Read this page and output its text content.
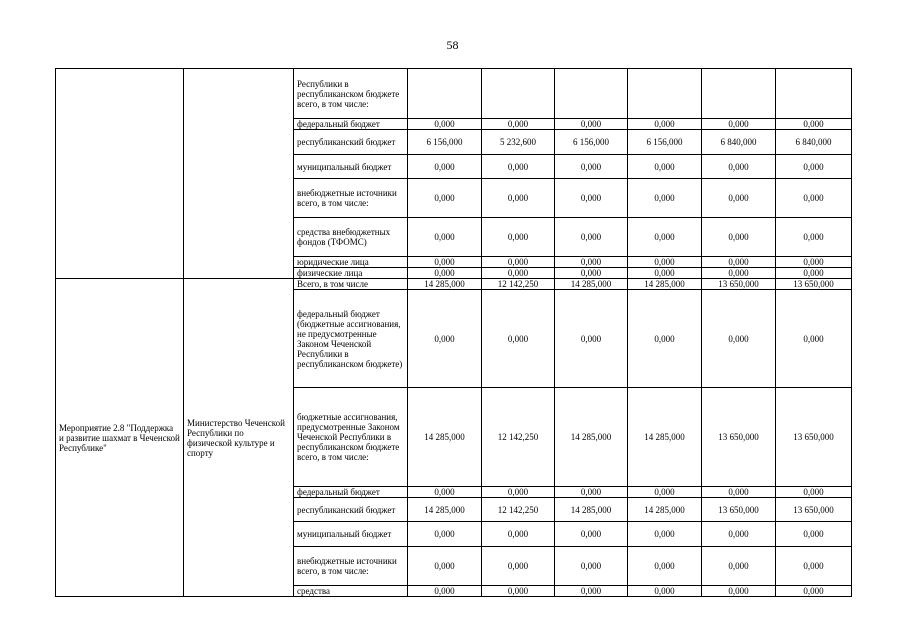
58
		Республики в республиканском бюджете всего, в том числе:						
		федеральный бюджет	0,000	0,000	0,000	0,000	0,000	0,000
		республиканский бюджет	6 156,000	5 232,600	6 156,000	6 156,000	6 840,000	6 840,000
		муниципальный бюджет	0,000	0,000	0,000	0,000	0,000	0,000
		внебюджетные источники всего, в том числе:	0,000	0,000	0,000	0,000	0,000	0,000
		средства внебюджетных фондов (ТФОМС)	0,000	0,000	0,000	0,000	0,000	0,000
		юридические лица	0,000	0,000	0,000	0,000	0,000	0,000
		физические лица	0,000	0,000	0,000	0,000	0,000	0,000
Мероприятие 2.8 "Поддержка и развитие шахмат в Чеченской Республике"	Министерство Чеченской Республики по физической культуре и спорту	Всего, в том числе	14 285,000	12 142,250	14 285,000	14 285,000	13 650,000	13 650,000
		федеральный бюджет (бюджетные ассигнования, не предусмотренные Законом Чеченской Республики в республиканском бюджете)	0,000	0,000	0,000	0,000	0,000	0,000
		бюджетные ассигнования, предусмотренные Законом Чеченской Республики в республиканском бюджете всего, в том числе:	14 285,000	12 142,250	14 285,000	14 285,000	13 650,000	13 650,000
		федеральный бюджет	0,000	0,000	0,000	0,000	0,000	0,000
		республиканский бюджет	14 285,000	12 142,250	14 285,000	14 285,000	13 650,000	13 650,000
		муниципальный бюджет	0,000	0,000	0,000	0,000	0,000	0,000
		внебюджетные источники всего, в том числе:	0,000	0,000	0,000	0,000	0,000	0,000
		средства	0,000	0,000	0,000	0,000	0,000	0,000
